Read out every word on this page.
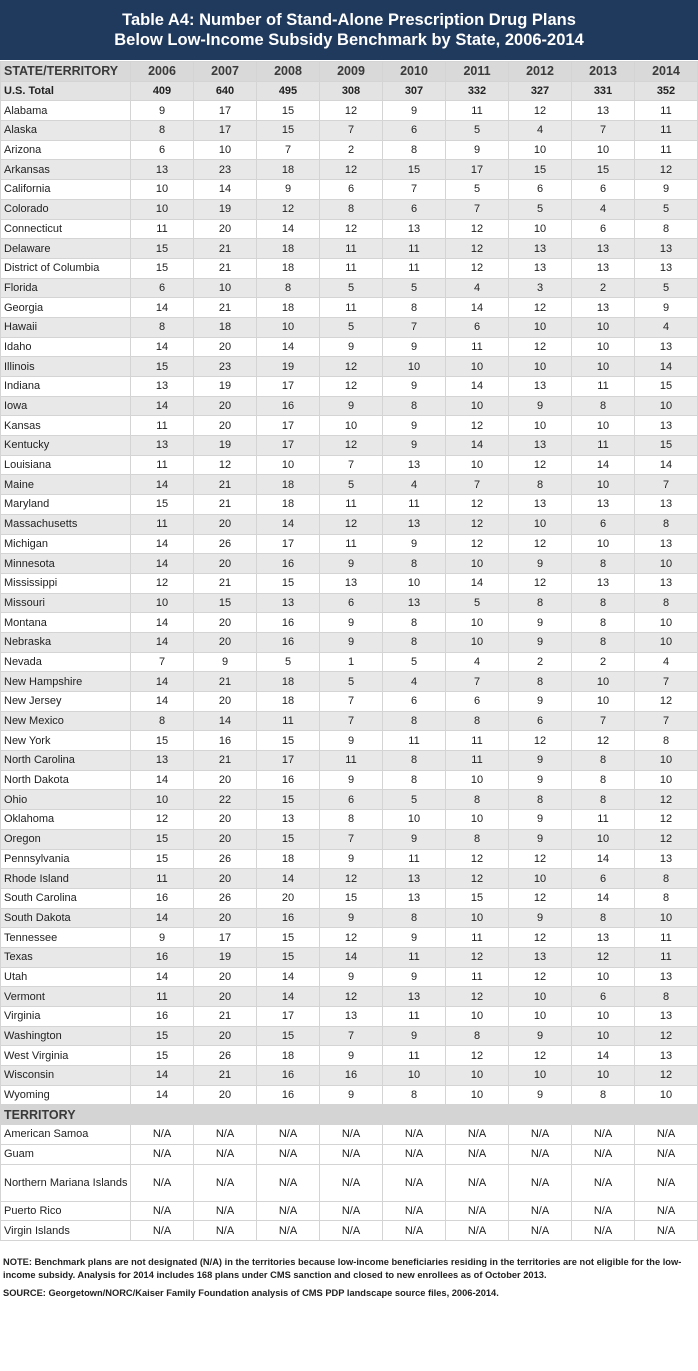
Table A4: Number of Stand-Alone Prescription Drug Plans
Below Low-Income Subsidy Benchmark by State, 2006-2014
STATE/TERRITORY	2006	2007	2008	2009	2010	2011	2012	2013	2014
U.S. Total	409	640	495	308	307	332	327	331	352
Alabama	9	17	15	12	9	11	12	13	11
Alaska	8	17	15	7	6	5	4	7	11
Arizona	6	10	7	2	8	9	10	10	11
Arkansas	13	23	18	12	15	17	15	15	12
California	10	14	9	6	7	5	6	6	9
Colorado	10	19	12	8	6	7	5	4	5
Connecticut	11	20	14	12	13	12	10	6	8
Delaware	15	21	18	11	11	12	13	13	13
District of Columbia	15	21	18	11	11	12	13	13	13
Florida	6	10	8	5	5	4	3	2	5
Georgia	14	21	18	11	8	14	12	13	9
Hawaii	8	18	10	5	7	6	10	10	4
Idaho	14	20	14	9	9	11	12	10	13
Illinois	15	23	19	12	10	10	10	10	14
Indiana	13	19	17	12	9	14	13	11	15
Iowa	14	20	16	9	8	10	9	8	10
Kansas	11	20	17	10	9	12	10	10	13
Kentucky	13	19	17	12	9	14	13	11	15
Louisiana	11	12	10	7	13	10	12	14	14
Maine	14	21	18	5	4	7	8	10	7
Maryland	15	21	18	11	11	12	13	13	13
Massachusetts	11	20	14	12	13	12	10	6	8
Michigan	14	26	17	11	9	12	12	10	13
Minnesota	14	20	16	9	8	10	9	8	10
Mississippi	12	21	15	13	10	14	12	13	13
Missouri	10	15	13	6	13	5	8	8	8
Montana	14	20	16	9	8	10	9	8	10
Nebraska	14	20	16	9	8	10	9	8	10
Nevada	7	9	5	1	5	4	2	2	4
New Hampshire	14	21	18	5	4	7	8	10	7
New Jersey	14	20	18	7	6	6	9	10	12
New Mexico	8	14	11	7	8	8	6	7	7
New York	15	16	15	9	11	11	12	12	8
North Carolina	13	21	17	11	8	11	9	8	10
North Dakota	14	20	16	9	8	10	9	8	10
Ohio	10	22	15	6	5	8	8	8	12
Oklahoma	12	20	13	8	10	10	9	11	12
Oregon	15	20	15	7	9	8	9	10	12
Pennsylvania	15	26	18	9	11	12	12	14	13
Rhode Island	11	20	14	12	13	12	10	6	8
South Carolina	16	26	20	15	13	15	12	14	8
South Dakota	14	20	16	9	8	10	9	8	10
Tennessee	9	17	15	12	9	11	12	13	11
Texas	16	19	15	14	11	12	13	12	11
Utah	14	20	14	9	9	11	12	10	13
Vermont	11	20	14	12	13	12	10	6	8
Virginia	16	21	17	13	11	10	10	10	13
Washington	15	20	15	7	9	8	9	10	12
West Virginia	15	26	18	9	11	12	12	14	13
Wisconsin	14	21	16	16	10	10	10	10	12
Wyoming	14	20	16	9	8	10	9	8	10
TERRITORY									
American Samoa	N/A	N/A	N/A	N/A	N/A	N/A	N/A	N/A	N/A
Guam	N/A	N/A	N/A	N/A	N/A	N/A	N/A	N/A	N/A
Northern Mariana Islands	N/A	N/A	N/A	N/A	N/A	N/A	N/A	N/A	N/A
Puerto Rico	N/A	N/A	N/A	N/A	N/A	N/A	N/A	N/A	N/A
Virgin Islands	N/A	N/A	N/A	N/A	N/A	N/A	N/A	N/A	N/A

NOTE: Benchmark plans are not designated (N/A) in the territories because low-income beneficiaries residing in the territories are not eligible for the low-income subsidy. Analysis for 2014 includes 168 plans under CMS sanction and closed to new enrollees as of October 2013.

SOURCE: Georgetown/NORC/Kaiser Family Foundation analysis of CMS PDP landscape source files, 2006-2014.
